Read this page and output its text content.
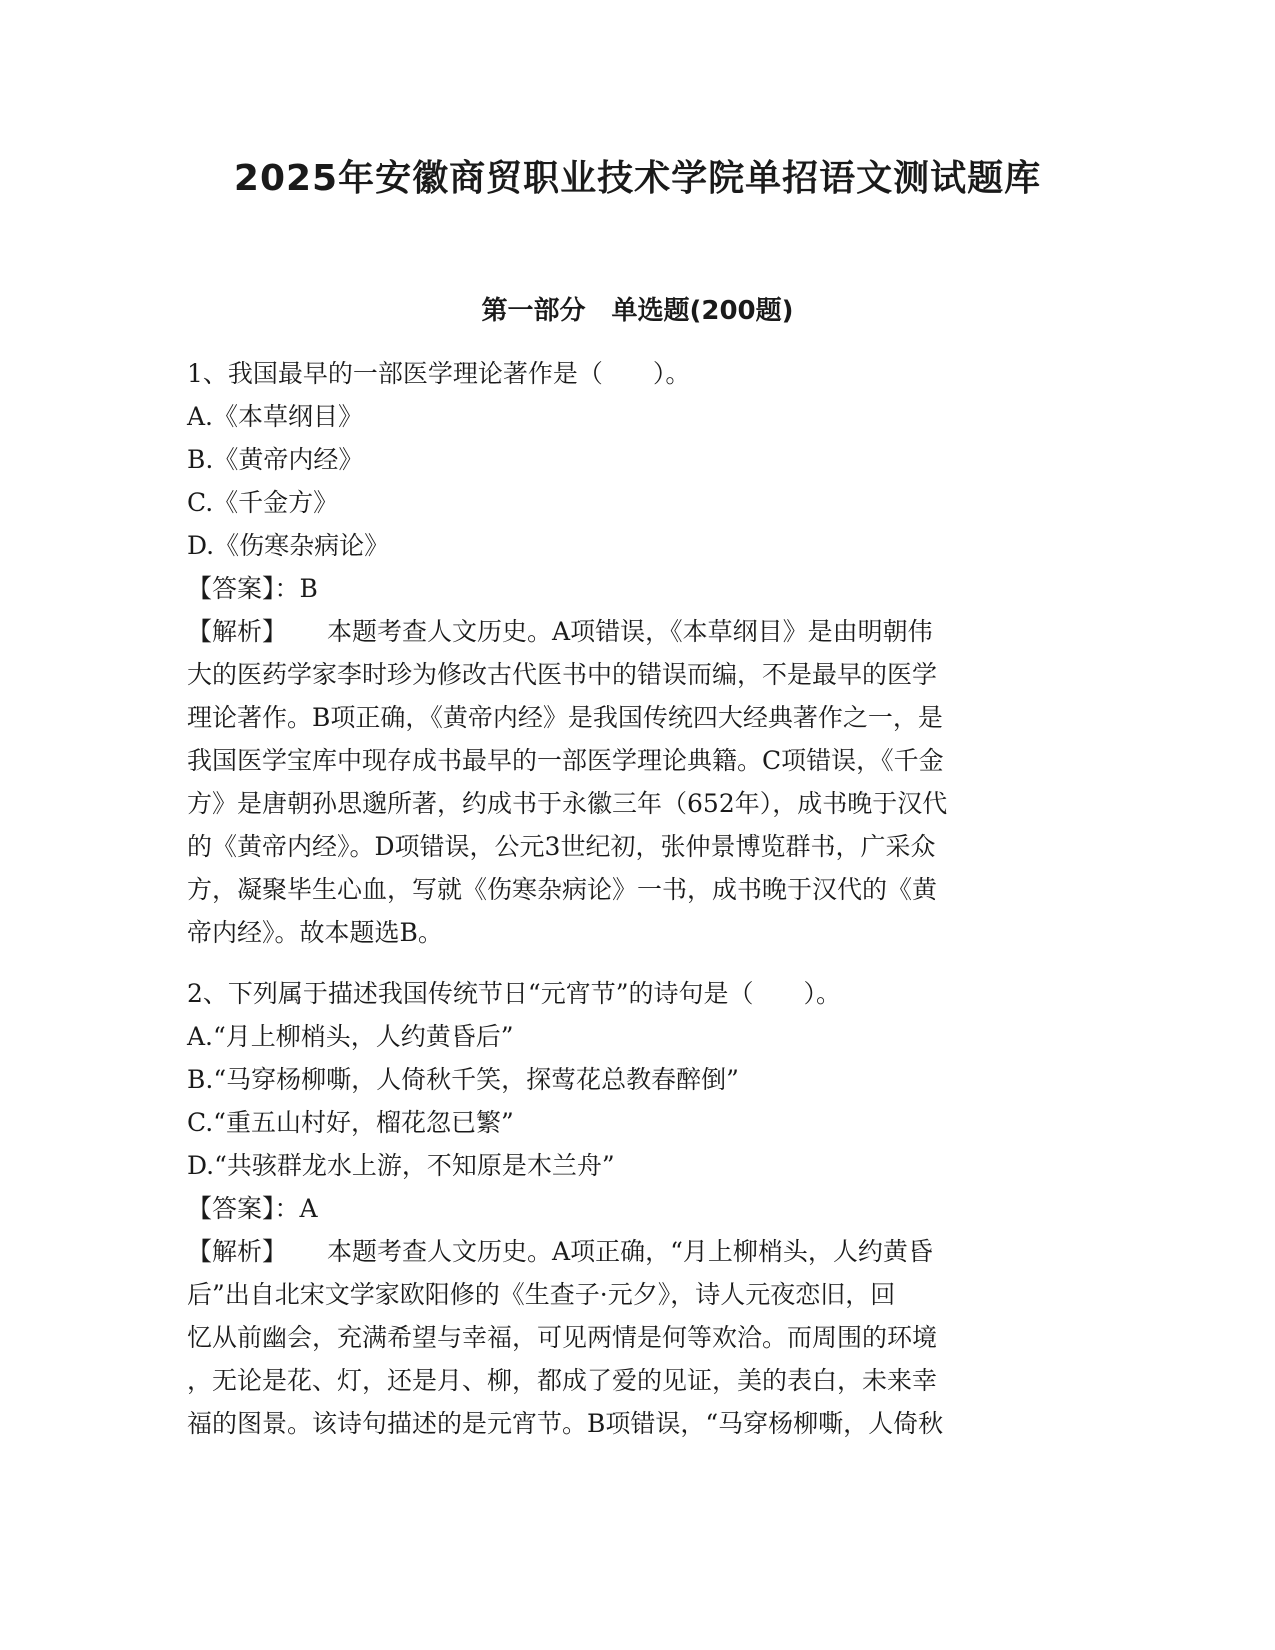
2025年安徽商贸职业技术学院单招语文测试题库
第一部分　单选题(200题)
1、我国最早的一部医学理论著作是（　　）。
A.《本草纲目》
B.《黄帝内经》
C.《千金方》
D.《伤寒杂病论》
【答案】：B
【解析】 本题考查人文历史。A项错误，《本草纲目》是由明朝伟
大的医药学家李时珍为修改古代医书中的错误而编，不是最早的医学
理论著作。B项正确，《黄帝内经》是我国传统四大经典著作之一，是
我国医学宝库中现存成书最早的一部医学理论典籍。C项错误，《千金
方》是唐朝孙思邈所著，约成书于永徽三年（652年），成书晚于汉代
的《黄帝内经》。D项错误，公元3世纪初，张仲景博览群书，广采众
方，凝聚毕生心血，写就《伤寒杂病论》一书，成书晚于汉代的《黄
帝内经》。故本题选B。
2、下列属于描述我国传统节日“元宵节”的诗句是（　　）。
A.“月上柳梢头，人约黄昏后”
B.“马穿杨柳嘶，人倚秋千笑，探莺花总教春醉倒”
C.“重五山村好，榴花忽已繁”
D.“共骇群龙水上游，不知原是木兰舟”
【答案】：A
【解析】 本题考查人文历史。A项正确，“月上柳梢头，人约黄昏
后”出自北宋文学家欧阳修的《生查子·元夕》，诗人元夜恋旧，回
忆从前幽会，充满希望与幸福，可见两情是何等欢洽。而周围的环境
，无论是花、灯，还是月、柳，都成了爱的见证，美的表白，未来幸
福的图景。该诗句描述的是元宵节。B项错误，“马穿杨柳嘶，人倚秋
